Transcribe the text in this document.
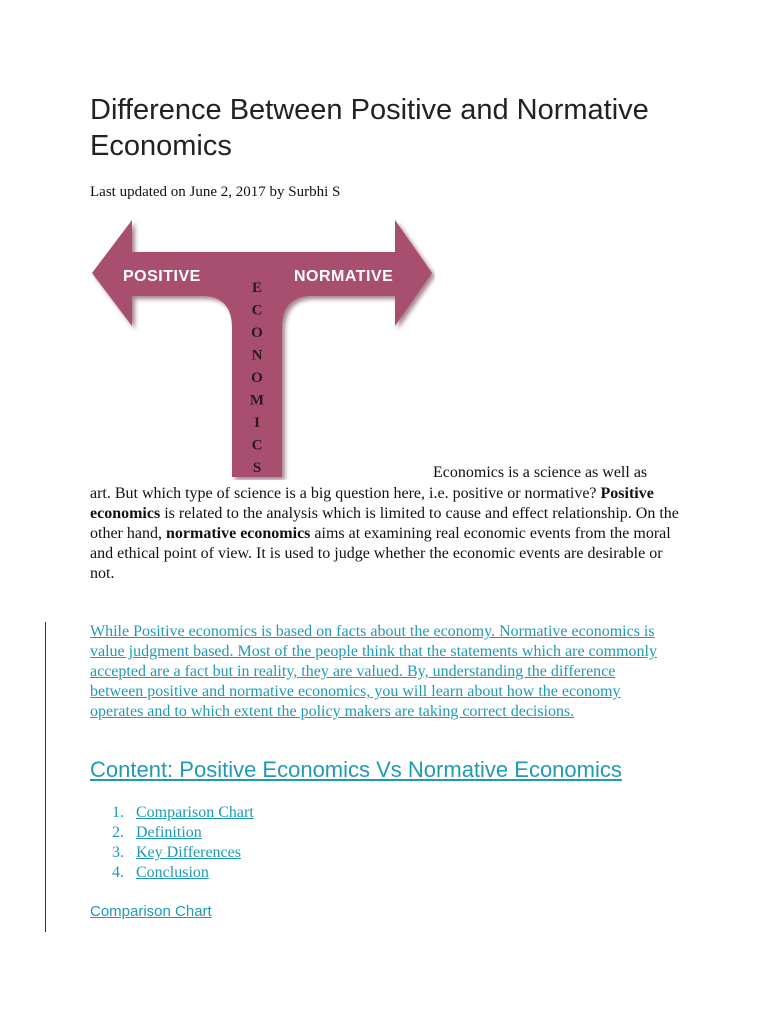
Difference Between Positive and Normative Economics

Last updated on June 2, 2017 by Surbhi S

POSITIVE	NORMATIVE
E
C
O
N
O
M
I
C
S	Economics is a science as well as

art. But which type of science is a big question here, i.e. positive or normative? Positive economics is related to the analysis which is limited to cause and effect relationship. On the other hand, normative economics aims at examining real economic events from the moral and ethical point of view. It is used to judge whether the economic events are desirable or not.

While Positive economics is based on facts about the economy. Normative economics is value judgment based. Most of the people think that the statements which are commonly accepted are a fact but in reality, they are valued. By, understanding the difference between positive and normative economics, you will learn about how the economy operates and to which extent the policy makers are taking correct decisions.

Content: Positive Economics Vs Normative Economics
1. Comparison Chart
2. Definition
3. Key Differences
4. Conclusion

Comparison Chart
